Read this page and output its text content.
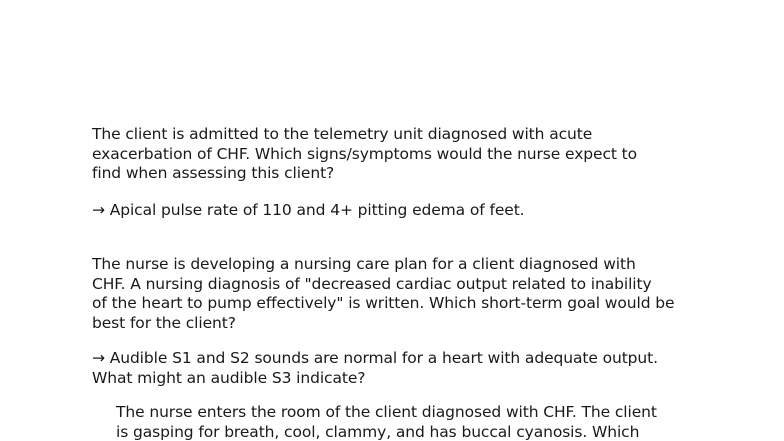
The client is admitted to the telemetry unit diagnosed with acute
exacerbation of CHF. Which signs/symptoms would the nurse expect to
find when assessing this client?

→ Apical pulse rate of 110 and 4+ pitting edema of feet.

The nurse is developing a nursing care plan for a client diagnosed with
CHF. A nursing diagnosis of "decreased cardiac output related to inability
of the heart to pump effectively" is written. Which short-term goal would be
best for the client?

→ Audible S1 and S2 sounds are normal for a heart with adequate output.
What might an audible S3 indicate?

The nurse enters the room of the client diagnosed with CHF. The client
is gasping for breath, cool, clammy, and has buccal cyanosis. Which
